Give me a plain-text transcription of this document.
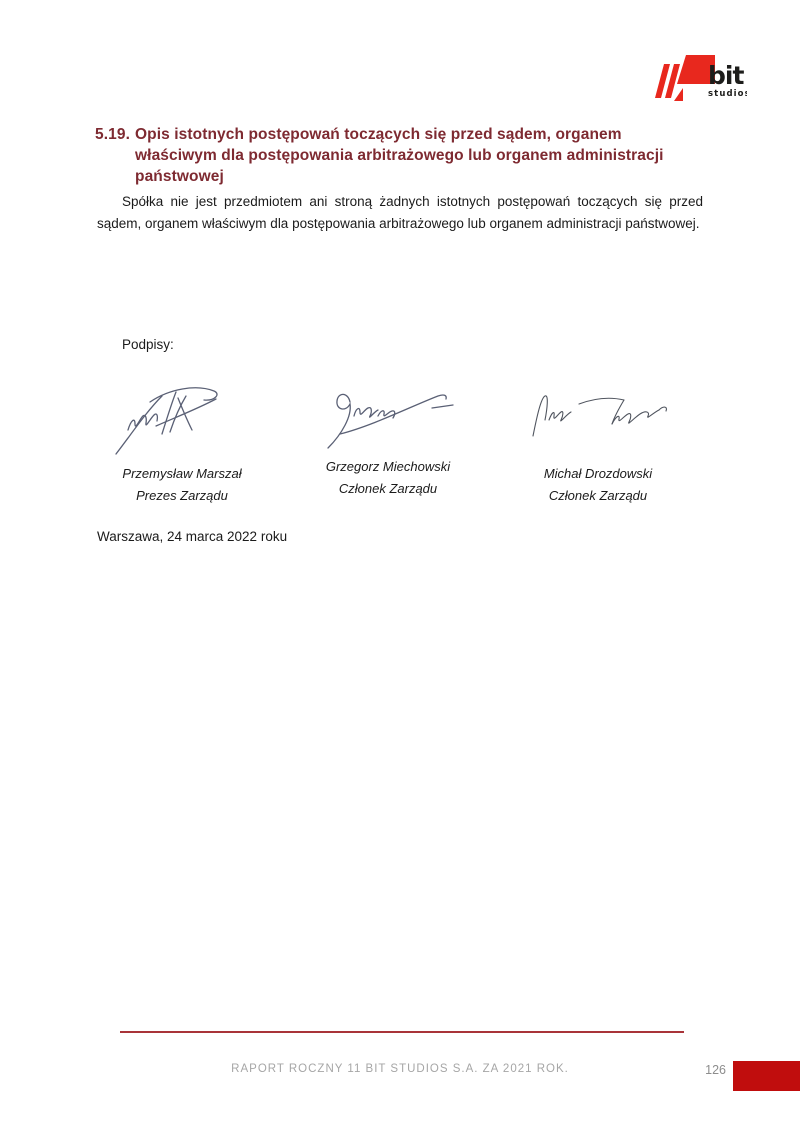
bit
studios
5.19. Opis istotnych postępowań toczących się przed sądem, organem właściwym dla postępowania arbitrażowego lub organem administracji państwowej
Spółka nie jest przedmiotem ani stroną żadnych istotnych postępowań toczących się przed sądem, organem właściwym dla postępowania arbitrażowego lub organem administracji państwowej.
Podpisy:
Przemysław Marszał
Prezes Zarządu
Grzegorz Miechowski
Członek Zarządu
Michał Drozdowski
Członek Zarządu
Warszawa, 24 marca 2022 roku
RAPORT ROCZNY 11 BIT STUDIOS S.A. ZA 2021 ROK.	126
